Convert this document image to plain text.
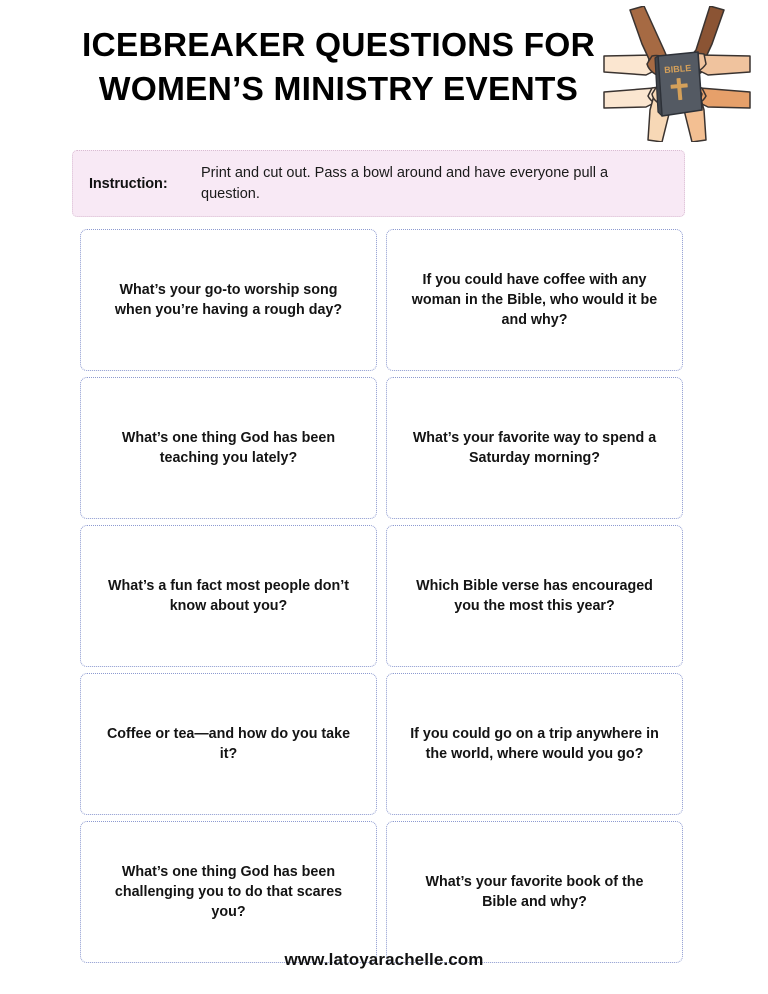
ICEBREAKER QUESTIONS FOR
WOMEN’S MINISTRY EVENTS
BIBLE
Instruction:
Print and cut out. Pass a bowl around and have everyone pull a question.
What’s your go-to worship song when you’re having a rough day?
If you could have coffee with any woman in the Bible, who would it be and why?
What’s one thing God has been teaching you lately?
What’s your favorite way to spend a Saturday morning?
What’s a fun fact most people don’t know about you?
Which Bible verse has encouraged you the most this year?
Coffee or tea—and how do you take it?
If you could go on a trip anywhere in the world, where would you go?
What’s one thing God has been challenging you to do that scares you?
What’s your favorite book of the Bible and why?
www.latoyarachelle.com
